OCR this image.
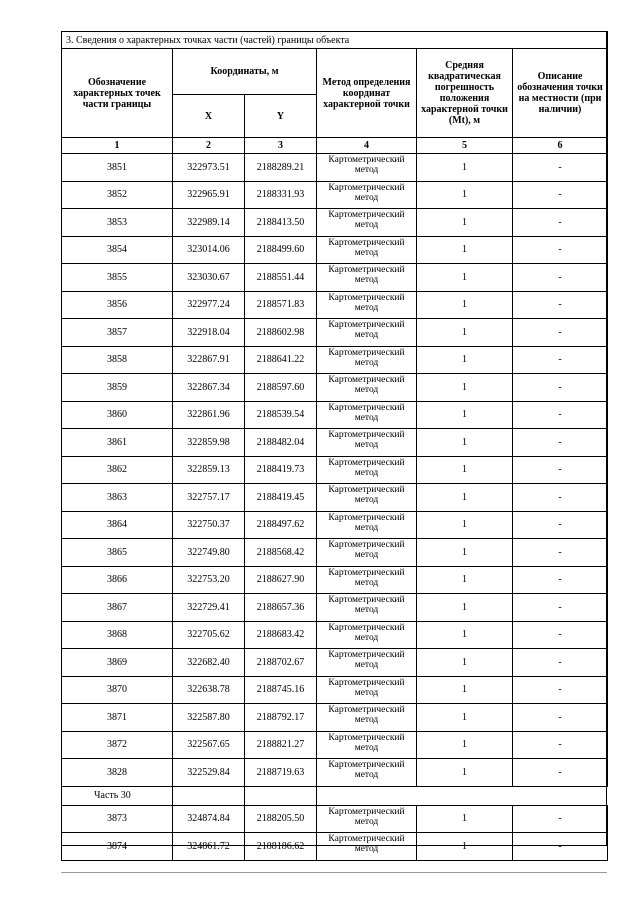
3. Сведения о характерных точках части (частей) границы объекта					
Обозначение характерных точек части границы	Координаты, м		Метод определения координат характерной точки	Средняя квадратическая погрешность положения характерной точки (Mt), м	Описание обозначения точки на местности (при наличии)
	X	Y			
1	2	3	4	5	6
3851	322973.51	2188289.21	Картометрический метод	1	-
3852	322965.91	2188331.93	Картометрический метод	1	-
3853	322989.14	2188413.50	Картометрический метод	1	-
3854	323014.06	2188499.60	Картометрический метод	1	-
3855	323030.67	2188551.44	Картометрический метод	1	-
3856	322977.24	2188571.83	Картометрический метод	1	-
3857	322918.04	2188602.98	Картометрический метод	1	-
3858	322867.91	2188641.22	Картометрический метод	1	-
3859	322867.34	2188597.60	Картометрический метод	1	-
3860	322861.96	2188539.54	Картометрический метод	1	-
3861	322859.98	2188482.04	Картометрический метод	1	-
3862	322859.13	2188419.73	Картометрический метод	1	-
3863	322757.17	2188419.45	Картометрический метод	1	-
3864	322750.37	2188497.62	Картометрический метод	1	-
3865	322749.80	2188568.42	Картометрический метод	1	-
3866	322753.20	2188627.90	Картометрический метод	1	-
3867	322729.41	2188657.36	Картометрический метод	1	-
3868	322705.62	2188683.42	Картометрический метод	1	-
3869	322682.40	2188702.67	Картометрический метод	1	-
3870	322638.78	2188745.16	Картометрический метод	1	-
3871	322587.80	2188792.17	Картометрический метод	1	-
3872	322567.65	2188821.27	Картометрический метод	1	-
3828	322529.84	2188719.63	Картометрический метод	1	-
Часть 30					
3873	324874.84	2188205.50	Картометрический метод	1	-
3874	324861.72	2188186.62	Картометрический метод	1	-
